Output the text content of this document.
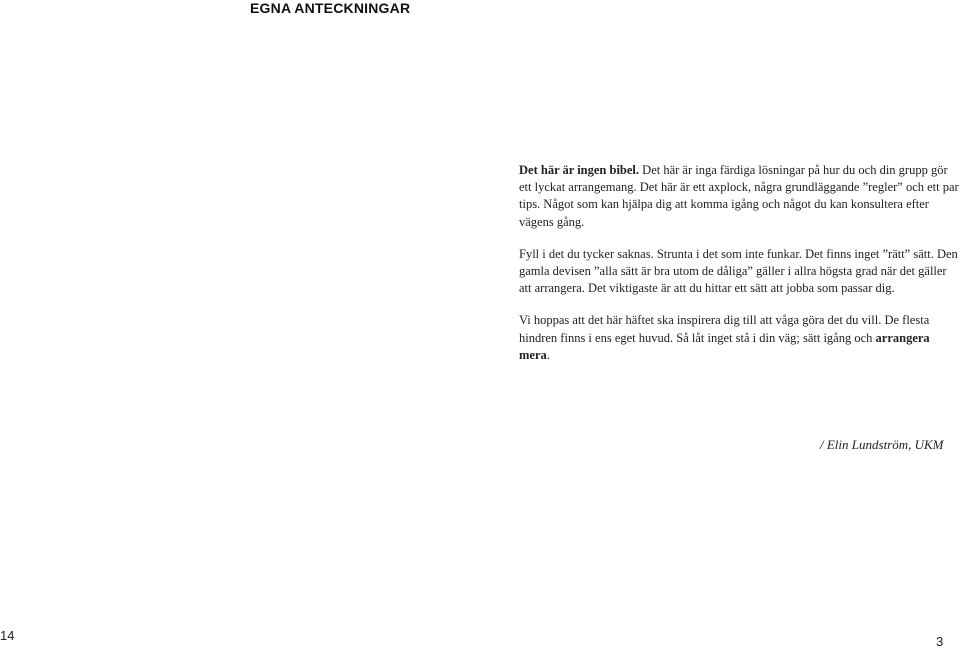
EGNA ANTECKNINGAR

Det här är ingen bibel. Det här är inga färdiga lösningar på hur du och din grupp gör ett lyckat arrangemang. Det här är ett axplock, några grundläggande ”regler” och ett par tips. Något som kan hjälpa dig att komma igång och något du kan konsultera efter vägens gång.

Fyll i det du tycker saknas. Strunta i det som inte funkar. Det finns inget ”rätt” sätt. Den gamla devisen ”alla sätt är bra utom de dåliga” gäller i allra högsta grad när det gäller att arrangera. Det viktigaste är att du hittar ett sätt att jobba som passar dig.

Vi hoppas att det här häftet ska inspirera dig till att våga göra det du vill. De flesta hindren finns i ens eget huvud. Så låt inget stå i din väg; sätt igång och arrangera mera.

/ Elin Lundström, UKM
14	3
